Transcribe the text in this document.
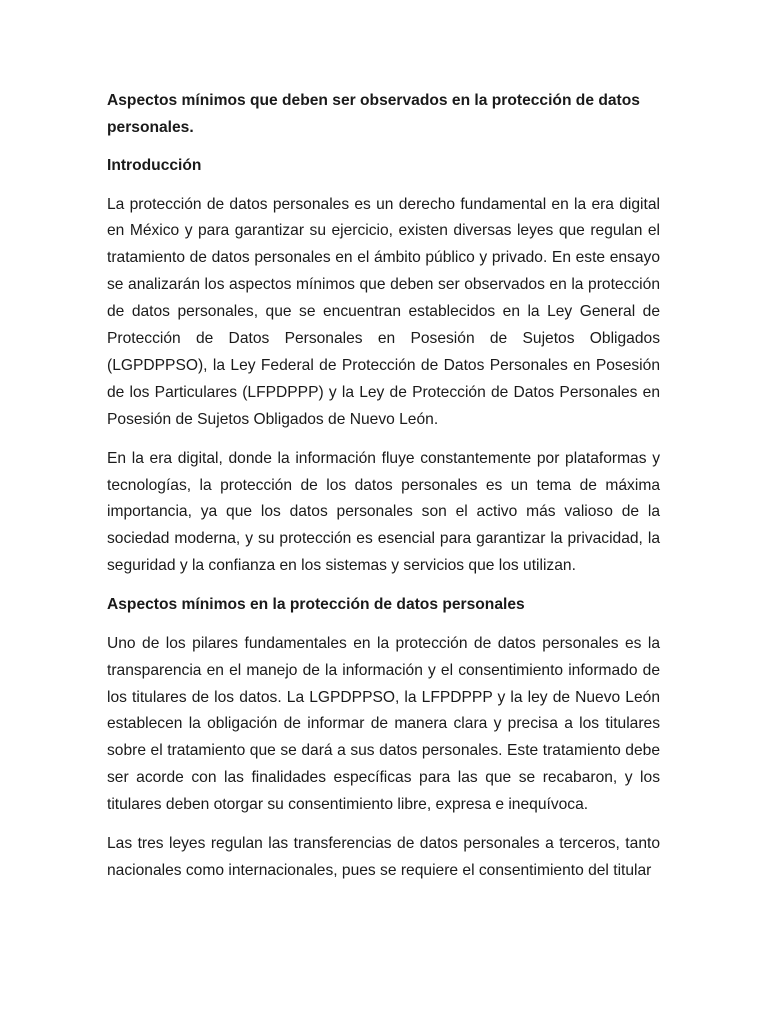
Aspectos mínimos que deben ser observados en la protección de datos personales.
Introducción

La protección de datos personales es un derecho fundamental en la era digital en México y para garantizar su ejercicio, existen diversas leyes que regulan el tratamiento de datos personales en el ámbito público y privado. En este ensayo se analizarán los aspectos mínimos que deben ser observados en la protección de datos personales, que se encuentran establecidos en la Ley General de Protección de Datos Personales en Posesión de Sujetos Obligados (LGPDPPSO), la Ley Federal de Protección de Datos Personales en Posesión de los Particulares (LFPDPPP) y la Ley de Protección de Datos Personales en Posesión de Sujetos Obligados de Nuevo León.

En la era digital, donde la información fluye constantemente por plataformas y tecnologías, la protección de los datos personales es un tema de máxima importancia, ya que los datos personales son el activo más valioso de la sociedad moderna, y su protección es esencial para garantizar la privacidad, la seguridad y la confianza en los sistemas y servicios que los utilizan.

Aspectos mínimos en la protección de datos personales

Uno de los pilares fundamentales en la protección de datos personales es la transparencia en el manejo de la información y el consentimiento informado de los titulares de los datos. La LGPDPPSO, la LFPDPPP y la ley de Nuevo León establecen la obligación de informar de manera clara y precisa a los titulares sobre el tratamiento que se dará a sus datos personales. Este tratamiento debe ser acorde con las finalidades específicas para las que se recabaron, y los titulares deben otorgar su consentimiento libre, expresa e inequívoca.

Las tres leyes regulan las transferencias de datos personales a terceros, tanto nacionales como internacionales, pues se requiere el consentimiento del titular
